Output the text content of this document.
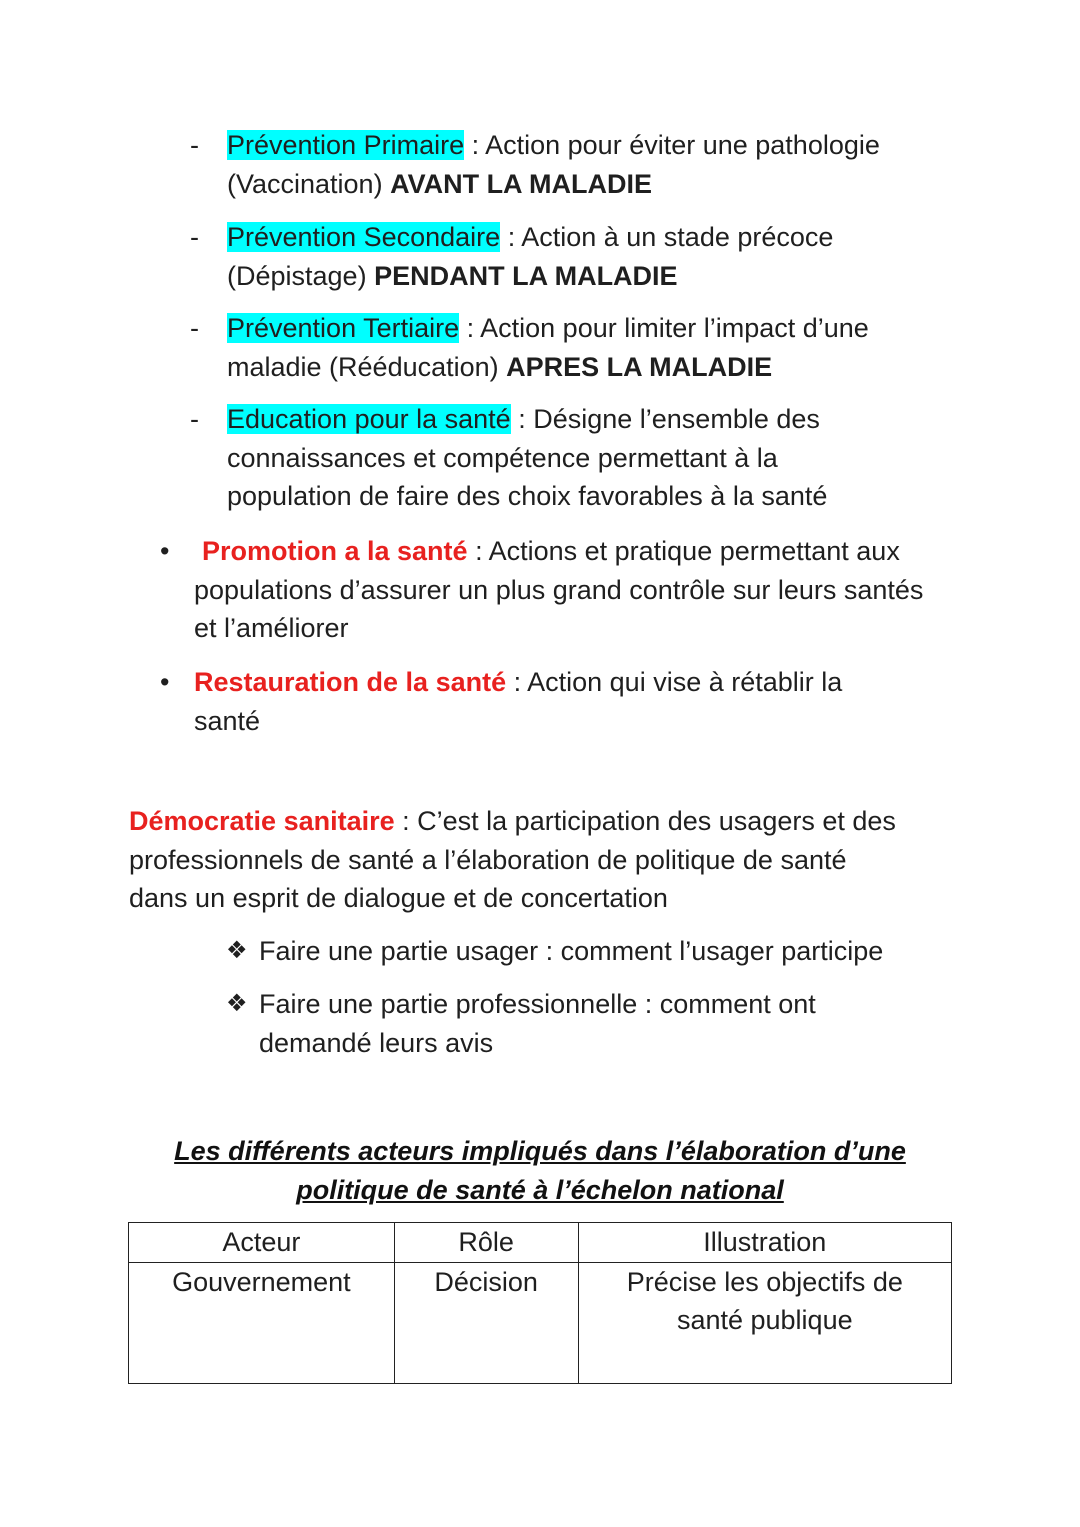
- Prévention Primaire : Action pour éviter une pathologie (Vaccination) AVANT LA MALADIE
- Prévention Secondaire : Action à un stade précoce (Dépistage) PENDANT LA MALADIE
- Prévention Tertiaire : Action pour limiter l’impact d’une maladie (Rééducation) APRES LA MALADIE
- Education pour la santé : Désigne l’ensemble des connaissances et compétence permettant à la population de faire des choix favorables à la santé
•	Promotion a la santé : Actions et pratique permettant aux populations d’assurer un plus grand contrôle sur leurs santés et l’améliorer
• Restauration de la santé : Action qui vise à rétablir la santé
Démocratie sanitaire : C’est la participation des usagers et des professionnels de santé a l’élaboration de politique de santé dans un esprit de dialogue et de concertation
❖ Faire une partie usager : comment l’usager participe
❖ Faire une partie professionnelle : comment ont demandé leurs avis
Les différents acteurs impliqués dans l’élaboration d’une
politique de santé à l’échelon national
Acteur	Rôle	Illustration
Gouvernement	Décision	Précise les objectifs de santé publique
